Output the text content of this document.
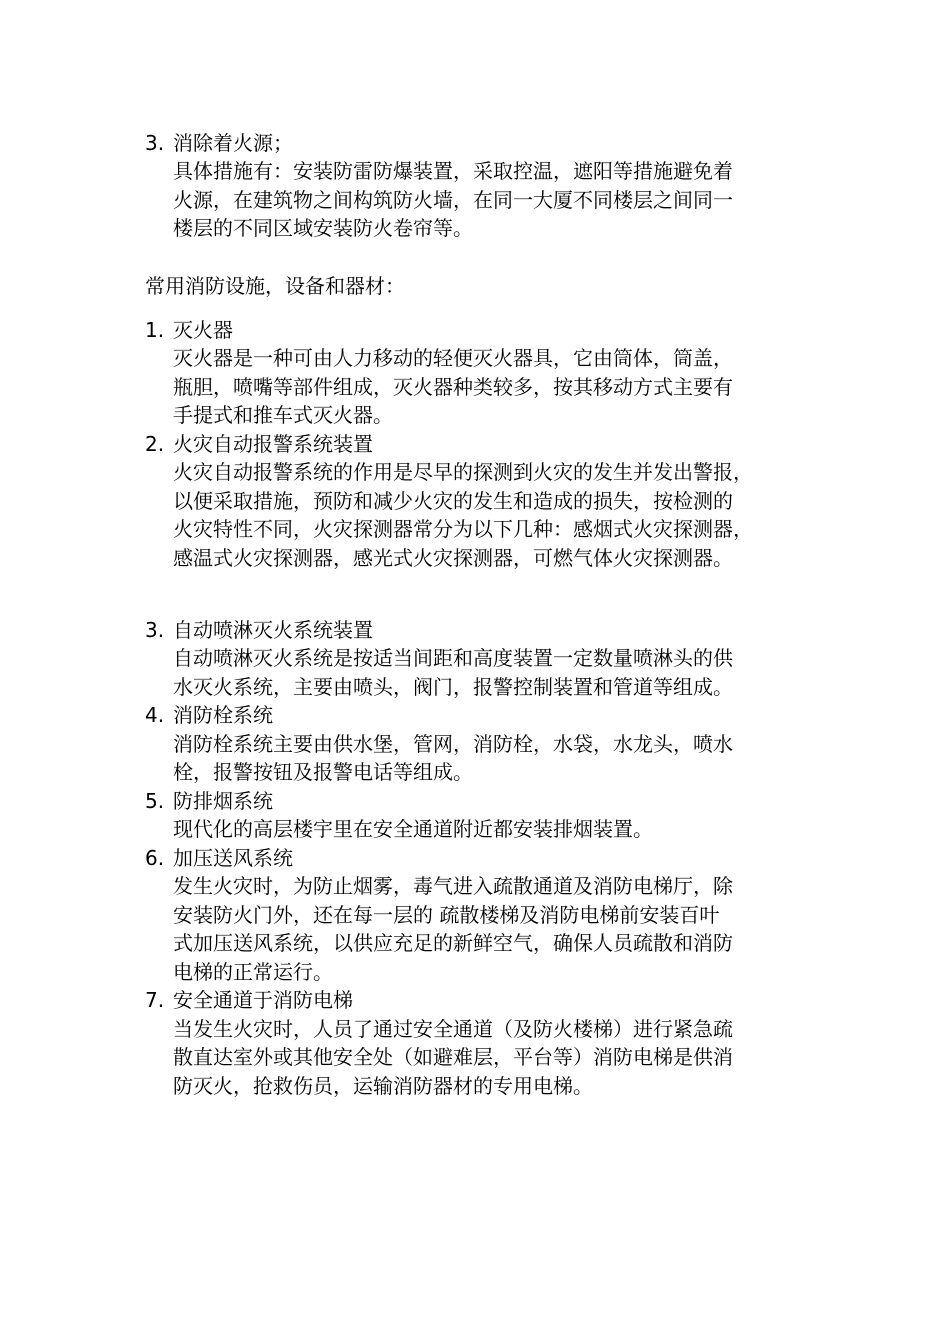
3. 消除着火源；
具体措施有：安装防雷防爆装置，采取控温，遮阳等措施避免着
火源，在建筑物之间构筑防火墙，在同一大厦不同楼层之间同一
楼层的不同区域安装防火卷帘等。
常用消防设施，设备和器材：
1. 灭火器
灭火器是一种可由人力移动的轻便灭火器具，它由筒体，筒盖，
瓶胆，喷嘴等部件组成，灭火器种类较多，按其移动方式主要有
手提式和推车式灭火器。
2. 火灾自动报警系统装置
火灾自动报警系统的作用是尽早的探测到火灾的发生并发出警报，
以便采取措施，预防和减少火灾的发生和造成的损失，按检测的
火灾特性不同，火灾探测器常分为以下几种：感烟式火灾探测器，
感温式火灾探测器，感光式火灾探测器，可燃气体火灾探测器。
3. 自动喷淋灭火系统装置
自动喷淋灭火系统是按适当间距和高度装置一定数量喷淋头的供
水灭火系统，主要由喷头，阀门，报警控制装置和管道等组成。
4. 消防栓系统
消防栓系统主要由供水堡，管网，消防栓，水袋，水龙头，喷水
栓，报警按钮及报警电话等组成。
5. 防排烟系统
现代化的高层楼宇里在安全通道附近都安装排烟装置。
6. 加压送风系统
发生火灾时，为防止烟雾，毒气进入疏散通道及消防电梯厅，除
安装防火门外，还在每一层的 疏散楼梯及消防电梯前安装百叶
式加压送风系统，以供应充足的新鲜空气，确保人员疏散和消防
电梯的正常运行。
7. 安全通道于消防电梯
当发生火灾时，人员了通过安全通道（及防火楼梯）进行紧急疏
散直达室外或其他安全处（如避难层，平台等）消防电梯是供消
防灭火，抢救伤员，运输消防器材的专用电梯。
